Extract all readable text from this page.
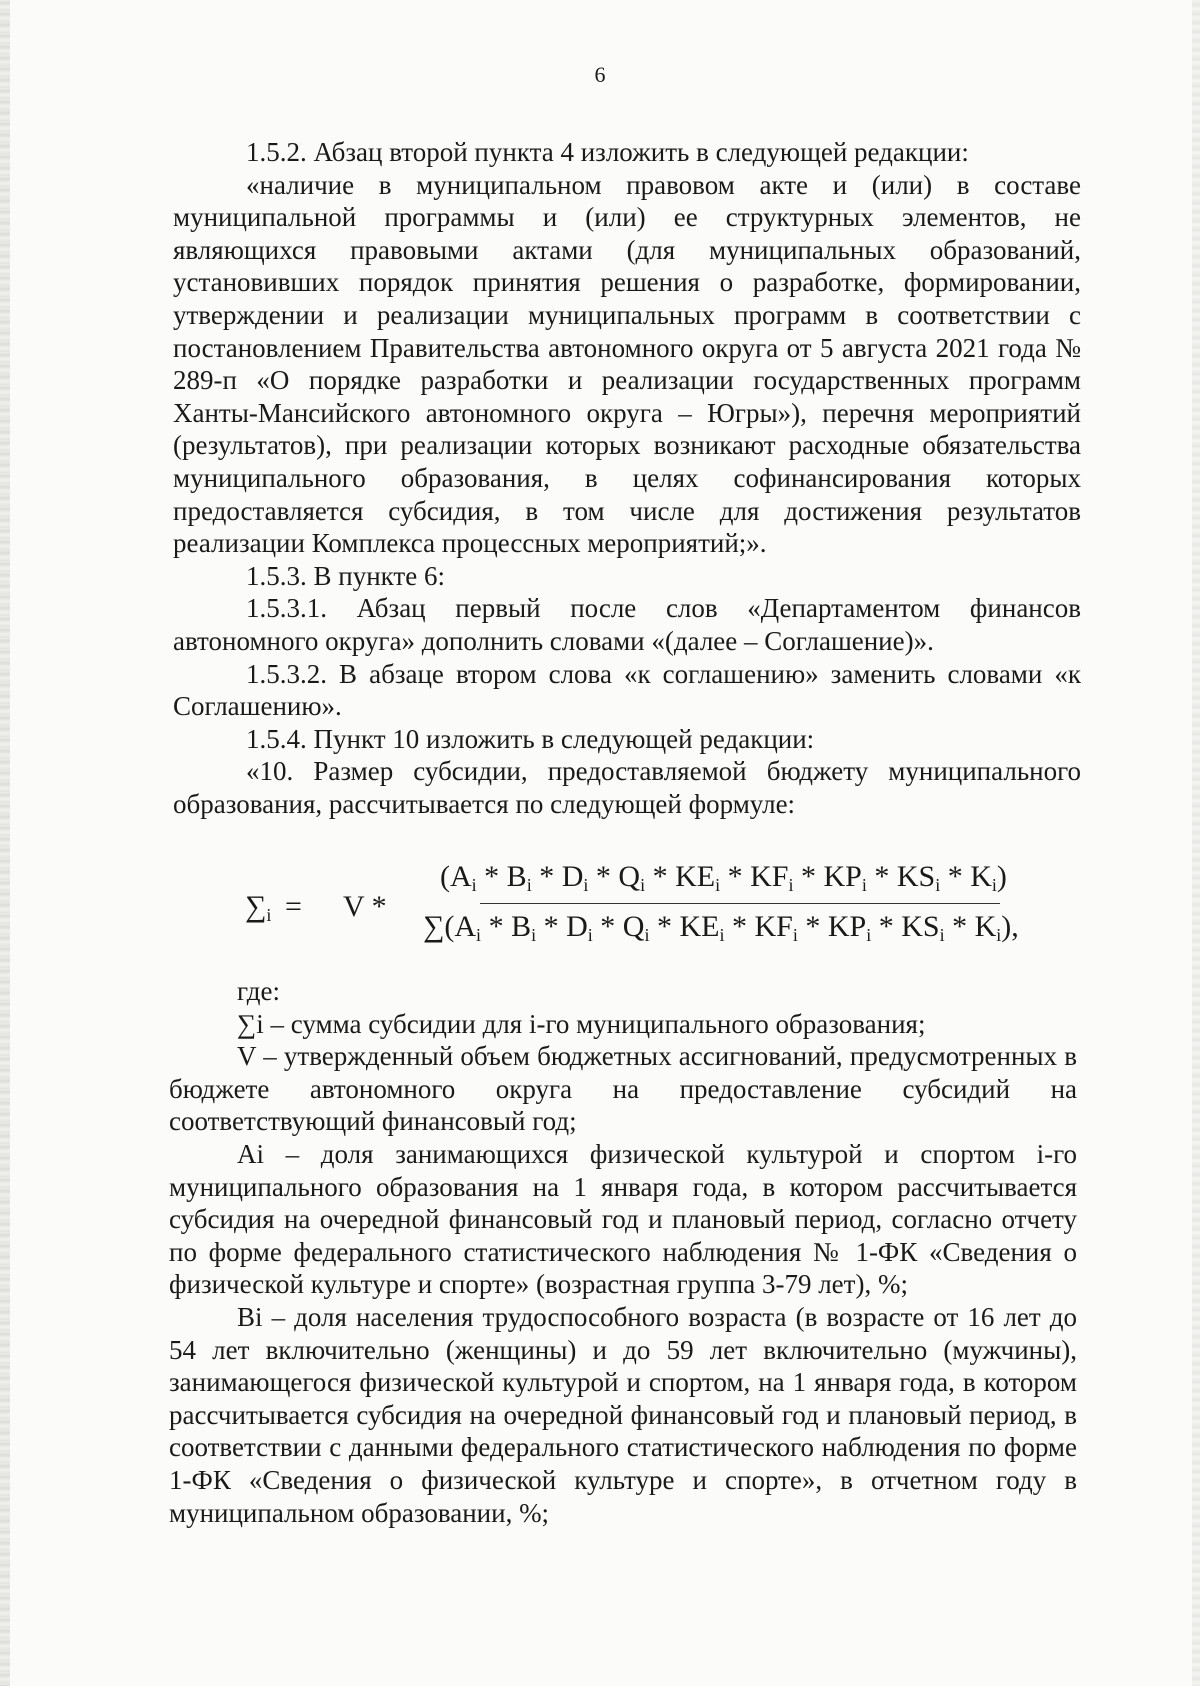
6

1.5.2. Абзац второй пункта 4 изложить в следующей редакции:

«наличие в муниципальном правовом акте и (или) в составе муниципальной программы и (или) ее структурных элементов, не являющихся правовыми актами (для муниципальных образований, установивших порядок принятия решения о разработке, формировании, утверждении и реализации муниципальных программ в соответствии с постановлением Правительства автономного округа от 5 августа 2021 года № 289-п «О порядке разработки и реализации государственных программ Ханты-Мансийского автономного округа – Югры»), перечня мероприятий (результатов), при реализации которых возникают расходные обязательства муниципального образования, в целях софинансирования которых предоставляется субсидия, в том числе для достижения результатов реализации Комплекса процессных мероприятий;».

1.5.3. В пункте 6:

1.5.3.1. Абзац первый после слов «Департаментом финансов автономного округа» дополнить словами «(далее – Соглашение)».

1.5.3.2. В абзаце втором слова «к соглашению» заменить словами «к Соглашению».

1.5.4. Пункт 10 изложить в следующей редакции:

«10. Размер субсидии, предоставляемой бюджету муниципального образования, рассчитывается по следующей формуле:

$\sum_i = V$ *
$(A_i * B_i * D_i * Q_i * KE_i * KF_i * KP_i * KS_i * K_i)$
$\sum(A_i * B_i * D_i * Q_i * KE_i * KF_i * KP_i * KS_i * K_i)$,

где:

∑i – сумма субсидии для i-го муниципального образования;

V – утвержденный объем бюджетных ассигнований, предусмотренных в бюджете автономного округа на предоставление субсидий на соответствующий финансовый год;

Ai – доля занимающихся физической культурой и спортом i-го муниципального образования на 1 января года, в котором рассчитывается субсидия на очередной финансовый год и плановый период, согласно отчету по форме федерального статистического наблюдения № 1-ФК «Сведения о физической культуре и спорте» (возрастная группа 3-79 лет), %;

Bi – доля населения трудоспособного возраста (в возрасте от 16 лет до 54 лет включительно (женщины) и до 59 лет включительно (мужчины), занимающегося физической культурой и спортом, на 1 января года, в котором рассчитывается субсидия на очередной финансовый год и плановый период, в соответствии с данными федерального статистического наблюдения по форме 1-ФК «Сведения о физической культуре и спорте», в отчетном году в муниципальном образовании, %;
